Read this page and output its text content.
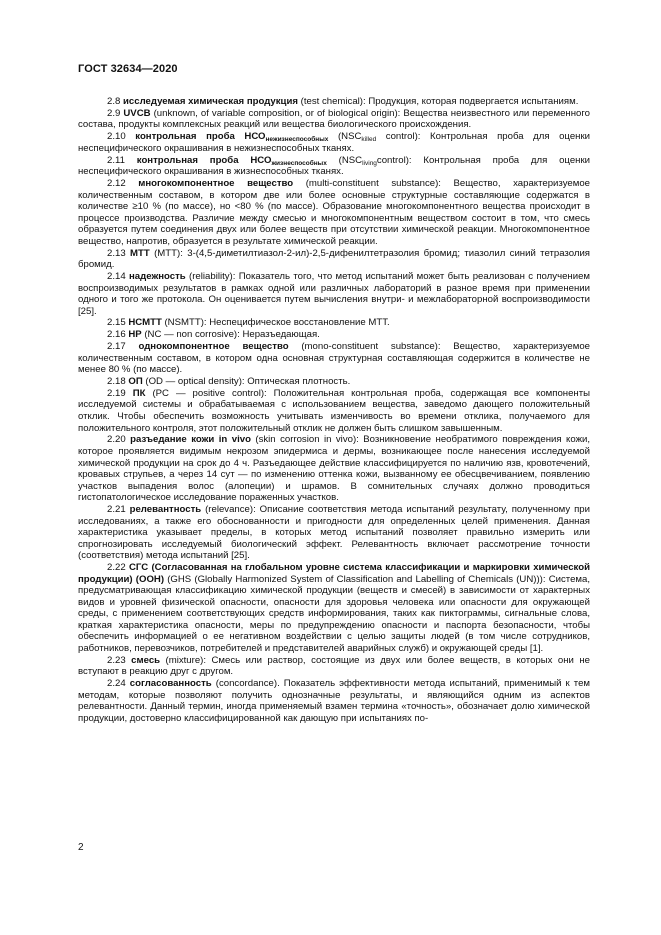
ГОСТ 32634—2020

2.8 исследуемая химическая продукция (test chemical): Продукция, которая подвергается испытаниям.

2.9 UVCB (unknown, of variable composition, or of biological origin): Вещества неизвестного или переменного состава, продукты комплексных реакций или вещества биологического происхождения.

2.10 контрольная проба $НСО_{нежизнеспособных}$ ($NSC_{killed}$ control): Контрольная проба для оценки неспецифического окрашивания в нежизнеспособных тканях.

2.11 контрольная проба $НСО_{жизнеспособных}$ $(NSC_{living}control)$: Контрольная проба для оценки неспецифического окрашивания в жизнеспособных тканях.

2.12 многокомпонентное вещество (multi-constituent substance): Вещество, характеризуемое количественным составом, в котором две или более основные структурные составляющие содержатся в количестве ≥10 % (по массе), но <80 % (по массе). Образование многокомпонентного вещества происходит в процессе производства. Различие между смесью и многокомпонентным веществом состоит в том, что смесь образуется путем соединения двух или более веществ при отсутствии химической реакции. Многокомпонентное вещество, напротив, образуется в результате химической реакции.

2.13 МТТ (МТТ): 3-(4,5-диметилтиазол-2-ил)-2,5-дифенилтетразолия бромид; тиазолил синий тетразолия бромид.

2.14 надежность (reliability): Показатель того, что метод испытаний может быть реализован с получением воспроизводимых результатов в рамках одной или различных лабораторий в разное время при применении одного и того же протокола. Он оценивается путем вычисления внутри- и межлабораторной воспроизводимости [25].

2.15 НСМТТ (NSMTT): Неспецифическое восстановление МТТ.

2.16 НР (NC — non corrosive): Неразъедающая.

2.17 однокомпонентное вещество (mono-constituent substance): Вещество, характеризуемое количественным составом, в котором одна основная структурная составляющая содержится в количестве не менее 80 % (по массе).

2.18 ОП (OD — optical density): Оптическая плотность.

2.19 ПК (PC — positive control): Положительная контрольная проба, содержащая все компоненты исследуемой системы и обрабатываемая с использованием вещества, заведомо дающего положительный отклик. Чтобы обеспечить возможность учитывать изменчивость во времени отклика, получаемого для положительного контроля, этот положительный отклик не должен быть слишком завышенным.

2.20 разъедание кожи in vivo (skin corrosion in vivo): Возникновение необратимого повреждения кожи, которое проявляется видимым некрозом эпидермиса и дермы, возникающее после нанесения исследуемой химической продукции на срок до 4 ч. Разъедающее действие классифицируется по наличию язв, кровотечений, кровавых струпьев, а через 14 сут — по изменению оттенка кожи, вызванному ее обесцвечиванием, появлению участков выпадения волос (алопеции) и шрамов. В сомнительных случаях должно проводиться гистопатологическое исследование пораженных участков.

2.21 релевантность (relevance): Описание соответствия метода испытаний результату, полученному при исследованиях, а также его обоснованности и пригодности для определенных целей применения. Данная характеристика указывает пределы, в которых метод испытаний позволяет правильно измерить или спрогнозировать исследуемый биологический эффект. Релевантность включает рассмотрение точности (соответствия) метода испытаний [25].

2.22 СГС (Согласованная на глобальном уровне система классификации и маркировки химической продукции) (ООН) (GHS (Globally Harmonized System of Classification and Labelling of Chemicals (UN))): Система, предусматривающая классификацию химической продукции (веществ и смесей) в зависимости от характерных видов и уровней физической опасности, опасности для здоровья человека или опасности для окружающей среды, с применением соответствующих средств информирования, таких как пиктограммы, сигнальные слова, краткая характеристика опасности, меры по предупреждению опасности и паспорта безопасности, чтобы обеспечить информацией о ее негативном воздействии с целью защиты людей (в том числе сотрудников, работников, перевозчиков, потребителей и представителей аварийных служб) и окружающей среды [1].

2.23 смесь (mixture): Смесь или раствор, состоящие из двух или более веществ, в которых они не вступают в реакцию друг с другом.

2.24 согласованность (concordance). Показатель эффективности метода испытаний, применимый к тем методам, которые позволяют получить однозначные результаты, и являющийся одним из аспектов релевантности. Данный термин, иногда применяемый взамен термина «точность», обозначает долю химической продукции, достоверно классифицированной как дающую при испытаниях по-

2
